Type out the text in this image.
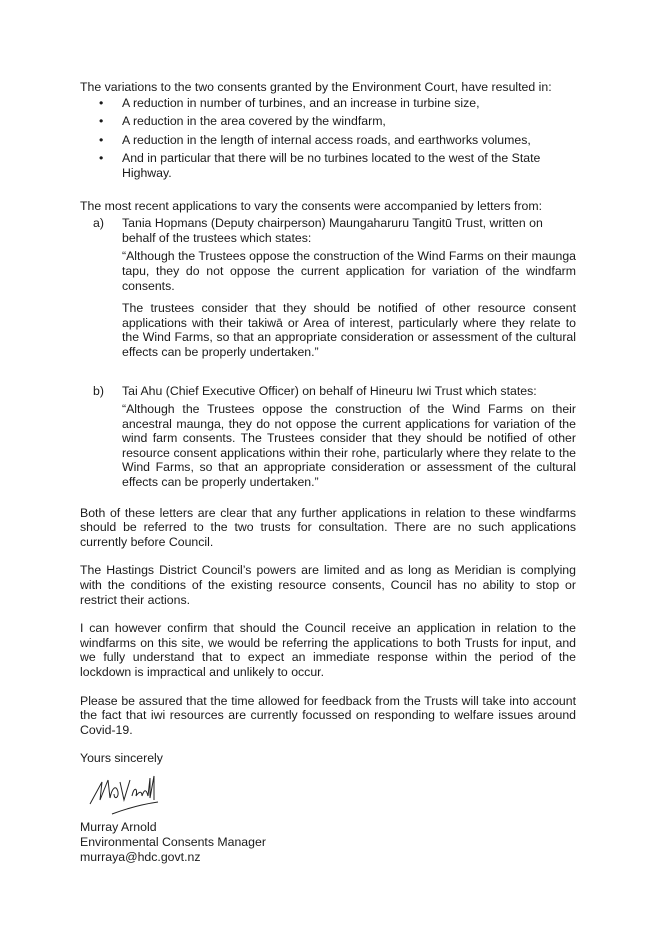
The variations to the two consents granted by the Environment Court, have resulted in:

• A reduction in number of turbines, and an increase in turbine size,
• A reduction in the area covered by the windfarm,
• A reduction in the length of internal access roads, and earthworks volumes,
• And in particular that there will be no turbines located to the west of the State Highway.

The most recent applications to vary the consents were accompanied by letters from:

a) Tania Hopmans (Deputy chairperson) Maungaharuru Tangitū Trust, written on behalf of the trustees which states:

“Although the Trustees oppose the construction of the Wind Farms on their maunga tapu, they do not oppose the current application for variation of the windfarm consents.

The trustees consider that they should be notified of other resource consent applications with their takiwā or Area of interest, particularly where they relate to the Wind Farms, so that an appropriate consideration or assessment of the cultural effects can be properly undertaken.”

b) Tai Ahu (Chief Executive Officer) on behalf of Hineuru Iwi Trust which states:

“Although the Trustees oppose the construction of the Wind Farms on their ancestral maunga, they do not oppose the current applications for variation of the wind farm consents. The Trustees consider that they should be notified of other resource consent applications within their rohe, particularly where they relate to the Wind Farms, so that an appropriate consideration or assessment of the cultural effects can be properly undertaken.”

Both of these letters are clear that any further applications in relation to these windfarms should be referred to the two trusts for consultation. There are no such applications currently before Council.

The Hastings District Council’s powers are limited and as long as Meridian is complying with the conditions of the existing resource consents, Council has no ability to stop or restrict their actions.

I can however confirm that should the Council receive an application in relation to the windfarms on this site, we would be referring the applications to both Trusts for input, and we fully understand that to expect an immediate response within the period of the lockdown is impractical and unlikely to occur.

Please be assured that the time allowed for feedback from the Trusts will take into account the fact that iwi resources are currently focussed on responding to welfare issues around Covid-19.

Yours sincerely

Murray Arnold

Environmental Consents Manager

murraya@hdc.govt.nz
